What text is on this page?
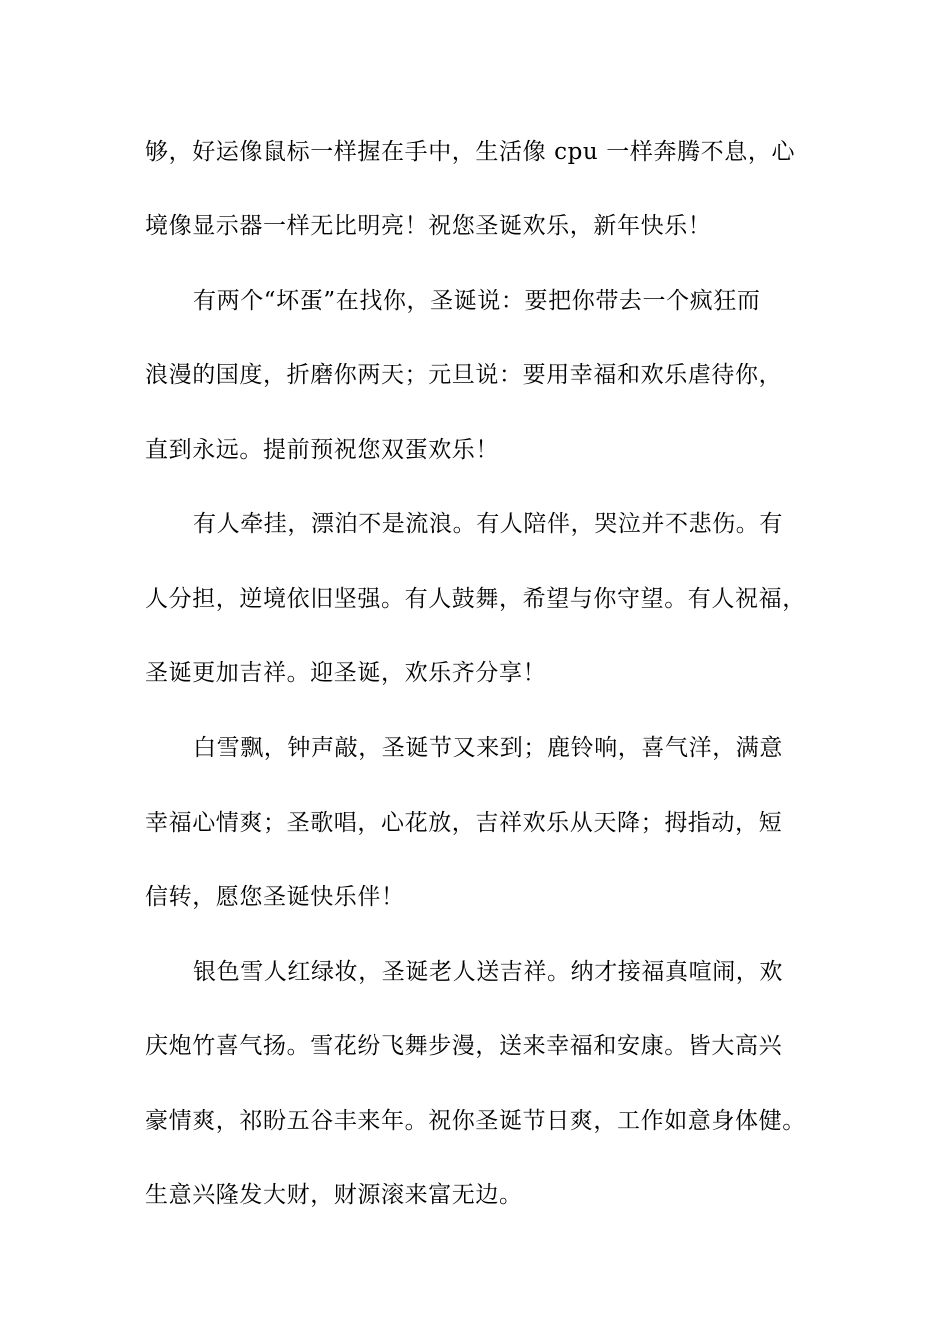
够，好运像鼠标一样握在手中，生活像 cpu 一样奔腾不息，心
境像显示器一样无比明亮！祝您圣诞欢乐，新年快乐！
有两个“坏蛋”在找你，圣诞说：要把你带去一个疯狂而
浪漫的国度，折磨你两天；元旦说：要用幸福和欢乐虐待你，
直到永远。提前预祝您双蛋欢乐！
有人牵挂，漂泊不是流浪。有人陪伴，哭泣并不悲伤。有
人分担，逆境依旧坚强。有人鼓舞，希望与你守望。有人祝福，
圣诞更加吉祥。迎圣诞，欢乐齐分享！
白雪飘，钟声敲，圣诞节又来到；鹿铃响，喜气洋，满意
幸福心情爽；圣歌唱，心花放，吉祥欢乐从天降；拇指动，短
信转，愿您圣诞快乐伴！
银色雪人红绿妆，圣诞老人送吉祥。纳才接福真喧闹，欢
庆炮竹喜气扬。雪花纷飞舞步漫，送来幸福和安康。皆大高兴
豪情爽，祁盼五谷丰来年。祝你圣诞节日爽，工作如意身体健。
生意兴隆发大财，财源滚来富无边。
